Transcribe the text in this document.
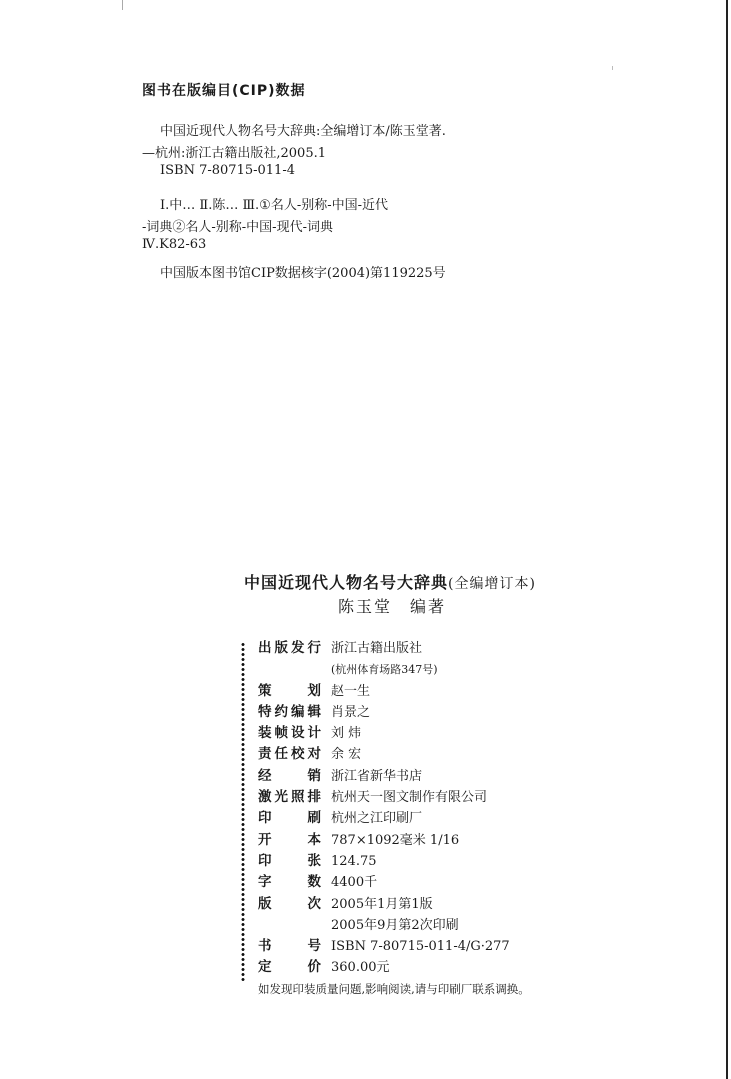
图书在版编目(CIP)数据
中国近现代人物名号大辞典:全编增订本/陈玉堂著.
—杭州:浙江古籍出版社,2005.1
ISBN 7-80715-011-4
Ⅰ.中… Ⅱ.陈… Ⅲ.①名人-别称-中国-近代
-词典②名人-别称-中国-现代-词典
Ⅳ.K82-63
中国版本图书馆CIP数据核字(2004)第119225号
中国近现代人物名号大辞典(全编增订本)
陈玉堂 编著
出 版 发 行 浙江古籍出版社
(杭州体育场路347号)
策	划 赵一生
特 约 编 辑 肖景之
装 帧 设 计 刘 炜
责 任 校 对 余 宏
经	销 浙江省新华书店
激 光 照 排 杭州天一图文制作有限公司
印	刷 杭州之江印刷厂
开	本 787×1092毫米 1/16
印	张 124.75
字	数 4400千
版	次 2005年1月第1版
2005年9月第2次印刷
书	号 ISBN 7-80715-011-4/G·277
定	价 360.00元
如发现印装质量问题,影响阅读,请与印刷厂联系调换。
